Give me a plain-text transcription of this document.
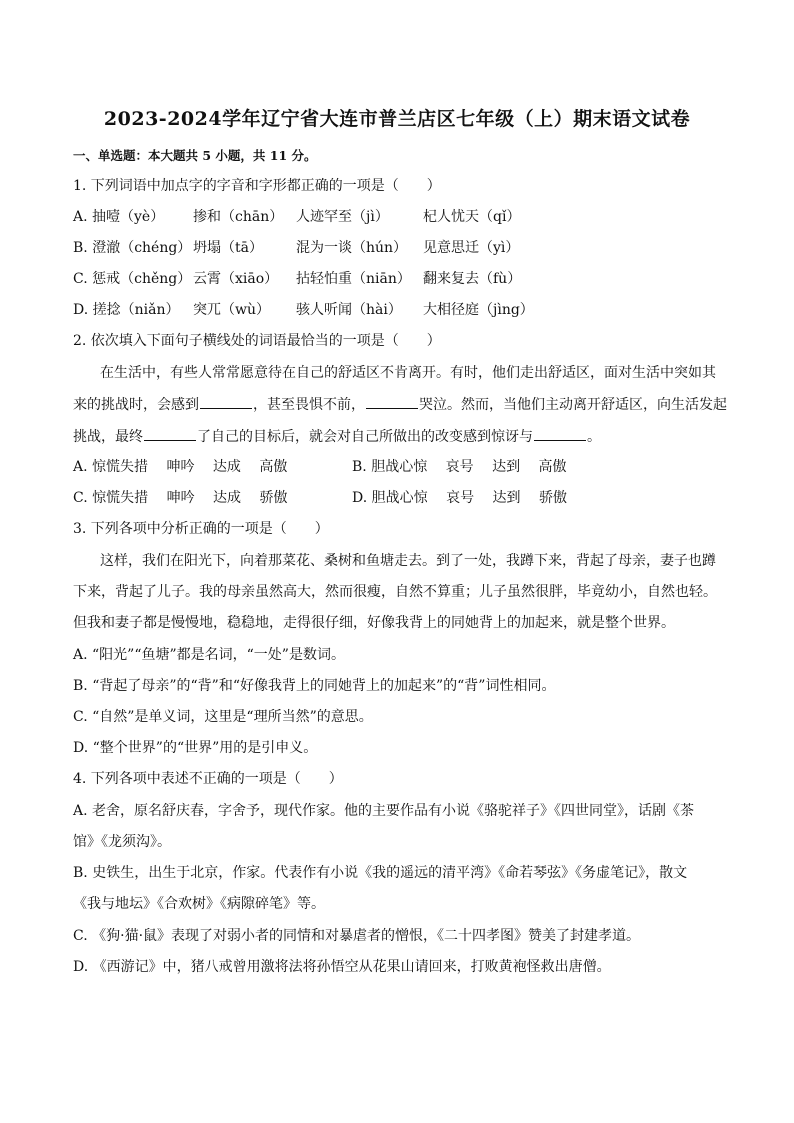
2023-2024学年辽宁省大连市普兰店区七年级（上）期末语文试卷
一、单选题：本大题共 5 小题，共 11 分。
1. 下列词语中加点字的字音和字形都正确的一项是（　　）
A. 抽噎（yè） 掺和（chān） 人迹罕至（jì） 杞人忧天（qǐ）
B. 澄澈（chéng） 坍塌（tā） 混为一谈（hún） 见意思迁（yì）
C. 惩戒（chěng） 云霄（xiāo） 拈轻怕重（niān） 翻来复去（fù）
D. 搓捻（niǎn） 突兀（wù） 骇人听闻（hài） 大相径庭（jìng）
2. 依次填入下面句子横线处的词语最恰当的一项是（　　）
在生活中，有些人常常愿意待在自己的舒适区不肯离开。有时，他们走出舒适区，面对生活中突如其
来的挑战时，会感到	，甚至畏惧不前，	哭泣。然而，当他们主动离开舒适区，向生活发起
挑战，最终	了自己的目标后，就会对自己所做出的改变感到惊讶与	。
A. 惊慌失措　 呻吟　 达成　 高傲	B. 胆战心惊　 哀号　 达到　 高傲
C. 惊慌失措　 呻吟　 达成　 骄傲	D. 胆战心惊　 哀号　 达到　 骄傲
3. 下列各项中分析正确的一项是（　　）
这样，我们在阳光下，向着那菜花、桑树和鱼塘走去。到了一处，我蹲下来，背起了母亲，妻子也蹲
下来，背起了儿子。我的母亲虽然高大，然而很瘦，自然不算重；儿子虽然很胖，毕竟幼小，自然也轻。
但我和妻子都是慢慢地，稳稳地，走得很仔细，好像我背上的同她背上的加起来，就是整个世界。
A. “阳光”“鱼塘”都是名词，“一处”是数词。
B. “背起了母亲”的“背”和“好像我背上的同她背上的加起来”的“背”词性相同。
C. “自然”是单义词，这里是“理所当然”的意思。
D. “整个世界”的“世界”用的是引申义。
4. 下列各项中表述不正确的一项是（　　）
A. 老舍，原名舒庆春，字舍予，现代作家。他的主要作品有小说《骆驼祥子》《四世同堂》，话剧《茶
馆》《龙须沟》。
B. 史铁生，出生于北京，作家。代表作有小说《我的遥远的清平湾》《命若琴弦》《务虚笔记》，散文
《我与地坛》《合欢树》《病隙碎笔》等。
C. 《狗·猫·鼠》表现了对弱小者的同情和对暴虐者的憎恨，《二十四孝图》赞美了封建孝道。
D. 《西游记》中，猪八戒曾用激将法将孙悟空从花果山请回来，打败黄袍怪救出唐僧。
